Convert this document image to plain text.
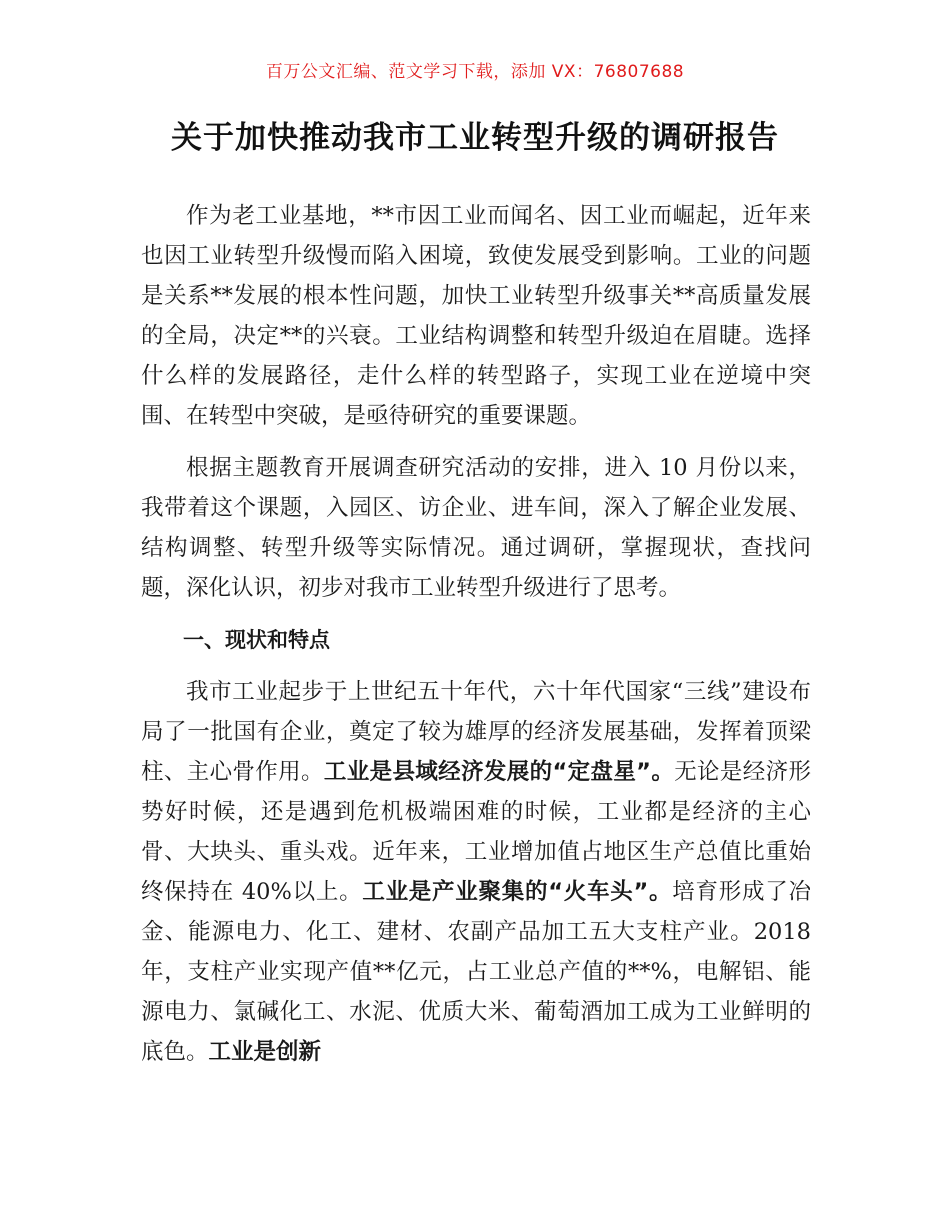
百万公文汇编、范文学习下载，添加 VX：76807688
关于加快推动我市工业转型升级的调研报告

作为老工业基地，**市因工业而闻名、因工业而崛起，近年来也因工业转型升级慢而陷入困境，致使发展受到影响。工业的问题是关系**发展的根本性问题，加快工业转型升级事关**高质量发展的全局，决定**的兴衰。工业结构调整和转型升级迫在眉睫。选择什么样的发展路径，走什么样的转型路子，实现工业在逆境中突围、在转型中突破，是亟待研究的重要课题。

根据主题教育开展调查研究活动的安排，进入 10 月份以来，我带着这个课题，入园区、访企业、进车间，深入了解企业发展、结构调整、转型升级等实际情况。通过调研，掌握现状，查找问题，深化认识，初步对我市工业转型升级进行了思考。

一、现状和特点

我市工业起步于上世纪五十年代，六十年代国家“三线”建设布局了一批国有企业，奠定了较为雄厚的经济发展基础，发挥着顶梁柱、主心骨作用。工业是县域经济发展的“定盘星”。无论是经济形势好时候，还是遇到危机极端困难的时候，工业都是经济的主心骨、大块头、重头戏。近年来，工业增加值占地区生产总值比重始终保持在 40%以上。工业是产业聚集的“火车头”。培育形成了冶金、能源电力、化工、建材、农副产品加工五大支柱产业。2018 年，支柱产业实现产值**亿元，占工业总产值的**%，电解铝、能源电力、氯碱化工、水泥、优质大米、葡萄酒加工成为工业鲜明的底色。工业是创新
